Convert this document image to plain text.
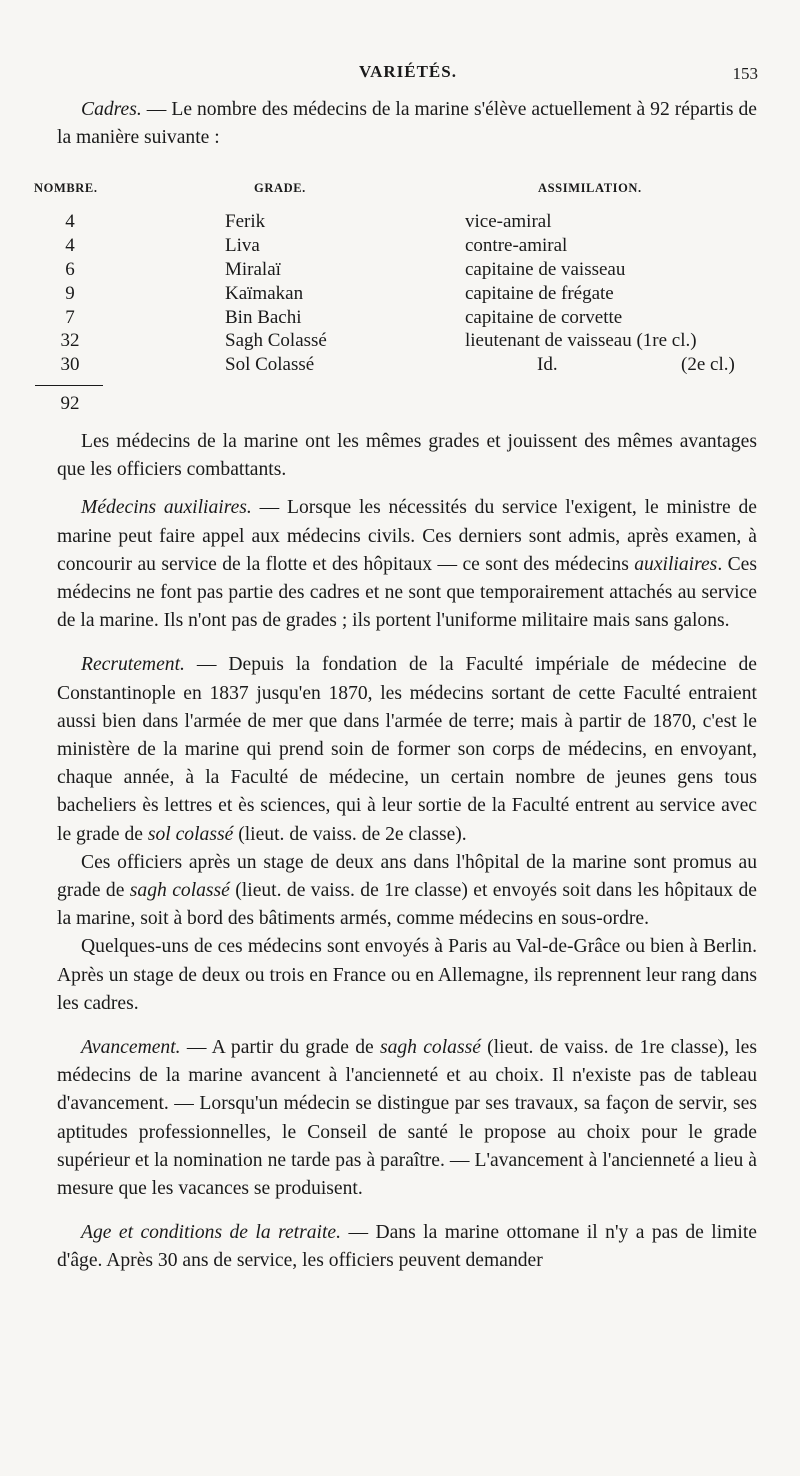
VARIÉTÉS.	153

Cadres. — Le nombre des médecins de la marine s'élève actuellement à 92 répartis de la manière suivante :

NOMBRE.	GRADE.	ASSIMILATION.
4	Ferik	vice-amiral
4	Liva	contre-amiral
6	Miralaï	capitaine de vaisseau
9	Kaïmakan	capitaine de frégate
7	Bin Bachi	capitaine de corvette
32	Sagh Colassé	lieutenant de vaisseau (1re cl.)
30	Sol Colassé	Id.	(2e cl.)
92

Les médecins de la marine ont les mêmes grades et jouissent des mêmes avantages que les officiers combattants.

Médecins auxiliaires. — Lorsque les nécessités du service l'exigent, le ministre de marine peut faire appel aux médecins civils. Ces derniers sont admis, après examen, à concourir au service de la flotte et des hôpitaux — ce sont des médecins auxiliaires. Ces médecins ne font pas partie des cadres et ne sont que temporairement attachés au service de la marine. Ils n'ont pas de grades ; ils portent l'uniforme militaire mais sans galons.

Recrutement. — Depuis la fondation de la Faculté impériale de médecine de Constantinople en 1837 jusqu'en 1870, les médecins sortant de cette Faculté entraient aussi bien dans l'armée de mer que dans l'armée de terre; mais à partir de 1870, c'est le ministère de la marine qui prend soin de former son corps de médecins, en envoyant, chaque année, à la Faculté de médecine, un certain nombre de jeunes gens tous bacheliers ès lettres et ès sciences, qui à leur sortie de la Faculté entrent au service avec le grade de sol colassé (lieut. de vaiss. de 2e classe).

Ces officiers après un stage de deux ans dans l'hôpital de la marine sont promus au grade de sagh colassé (lieut. de vaiss. de 1re classe) et envoyés soit dans les hôpitaux de la marine, soit à bord des bâtiments armés, comme médecins en sous-ordre.

Quelques-uns de ces médecins sont envoyés à Paris au Val-de-Grâce ou bien à Berlin. Après un stage de deux ou trois en France ou en Allemagne, ils reprennent leur rang dans les cadres.

Avancement. — A partir du grade de sagh colassé (lieut. de vaiss. de 1re classe), les médecins de la marine avancent à l'ancienneté et au choix. Il n'existe pas de tableau d'avancement. — Lorsqu'un médecin se distingue par ses travaux, sa façon de servir, ses aptitudes professionnelles, le Conseil de santé le propose au choix pour le grade supérieur et la nomination ne tarde pas à paraître. — L'avancement à l'ancienneté a lieu à mesure que les vacances se produisent.

Age et conditions de la retraite. — Dans la marine ottomane il n'y a pas de limite d'âge. Après 30 ans de service, les officiers peuvent demander
